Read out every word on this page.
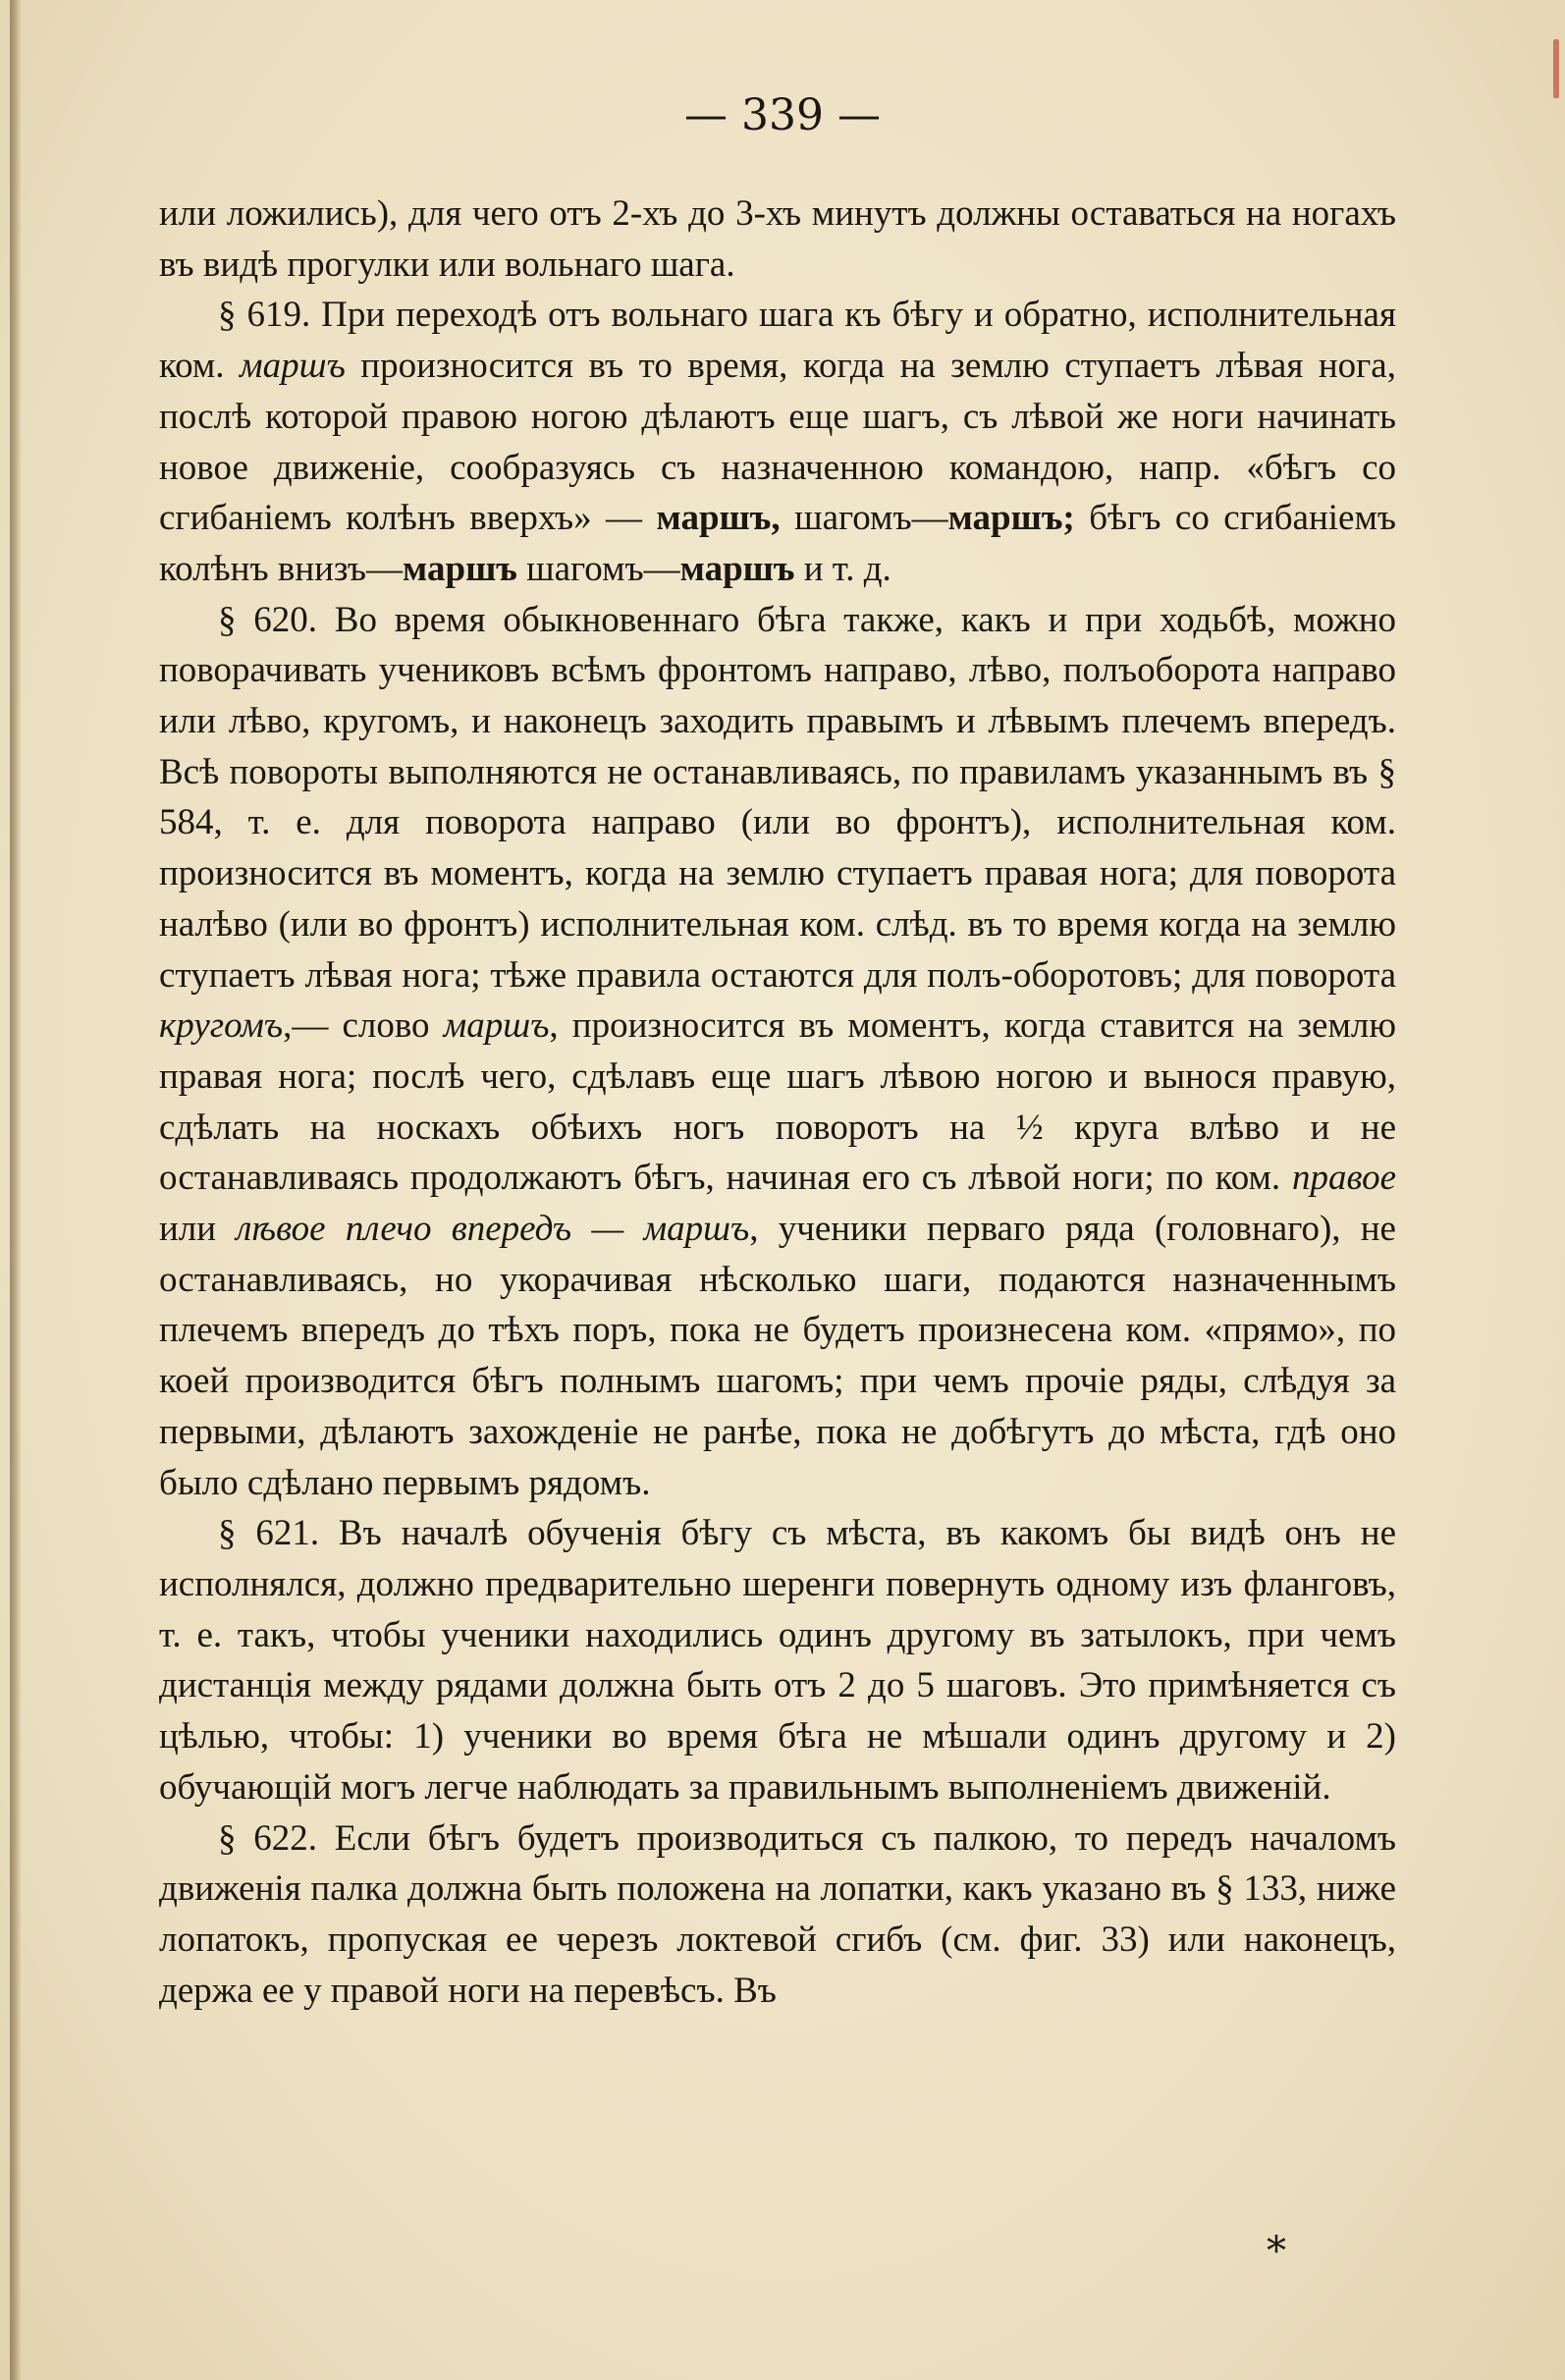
— 339 —

или ложились), для чего отъ 2-хъ до 3-хъ минутъ должны оставаться на ногахъ въ видѣ прогулки или вольнаго шага.

§ 619. При переходѣ отъ вольнаго шага къ бѣгу и обратно, исполнительная ком. маршъ произносится въ то время, когда на землю ступаетъ лѣвая нога, послѣ которой правою ногою дѣлаютъ еще шагъ, съ лѣвой же ноги начинать новое движеніе, сообразуясь съ назначенною командою, напр. «бѣгъ со сгибаніемъ колѣнъ вверхъ» — маршъ, шагомъ—маршъ; бѣгъ со сгибаніемъ колѣнъ внизъ—маршъ шагомъ—маршъ и т. д.

§ 620. Во время обыкновеннаго бѣга также, какъ и при ходьбѣ, можно поворачивать учениковъ всѣмъ фронтомъ направо, лѣво, полъоборота направо или лѣво, кругомъ, и наконецъ заходить правымъ и лѣвымъ плечемъ впередъ. Всѣ повороты выполняются не останавливаясь, по правиламъ указаннымъ въ § 584, т. е. для поворота направо (или во фронтъ), исполнительная ком. произносится въ моментъ, когда на землю ступаетъ правая нога; для поворота налѣво (или во фронтъ) исполнительная ком. слѣд. въ то время когда на землю ступаетъ лѣвая нога; тѣже правила остаются для полъ-оборотовъ; для поворота кругомъ,— слово маршъ, произносится въ моментъ, когда ставится на землю правая нога; послѣ чего, сдѣлавъ еще шагъ лѣвою ногою и вынося правую, сдѣлать на носкахъ обѣихъ ногъ поворотъ на ½ круга влѣво и не останавливаясь продолжаютъ бѣгъ, начиная его съ лѣвой ноги; по ком. правое или лѣвое плечо впередъ — маршъ, ученики перваго ряда (головнаго), не останавливаясь, но укорачивая нѣсколько шаги, подаются назначеннымъ плечемъ впередъ до тѣхъ поръ, пока не будетъ произнесена ком. «прямо», по коей производится бѣгъ полнымъ шагомъ; при чемъ прочіе ряды, слѣдуя за первыми, дѣлаютъ захожденіе не ранѣе, пока не добѣгутъ до мѣста, гдѣ оно было сдѣлано первымъ рядомъ.

§ 621. Въ началѣ обученія бѣгу съ мѣста, въ какомъ бы видѣ онъ не исполнялся, должно предварительно шеренги повернуть одному изъ фланговъ, т. е. такъ, чтобы ученики находились одинъ другому въ затылокъ, при чемъ дистанція между рядами должна быть отъ 2 до 5 шаговъ. Это примѣняется съ цѣлью, чтобы: 1) ученики во время бѣга не мѣшали одинъ другому и 2) обучающій могъ легче наблюдать за правильнымъ выполненіемъ движеній.

§ 622. Если бѣгъ будетъ производиться съ палкою, то передъ началомъ движенія палка должна быть положена на лопатки, какъ указано въ § 133, ниже лопатокъ, пропуская ее черезъ локтевой сгибъ (см. фиг. 33) или наконецъ, держа ее у правой ноги на перевѣсъ. Въ

*
